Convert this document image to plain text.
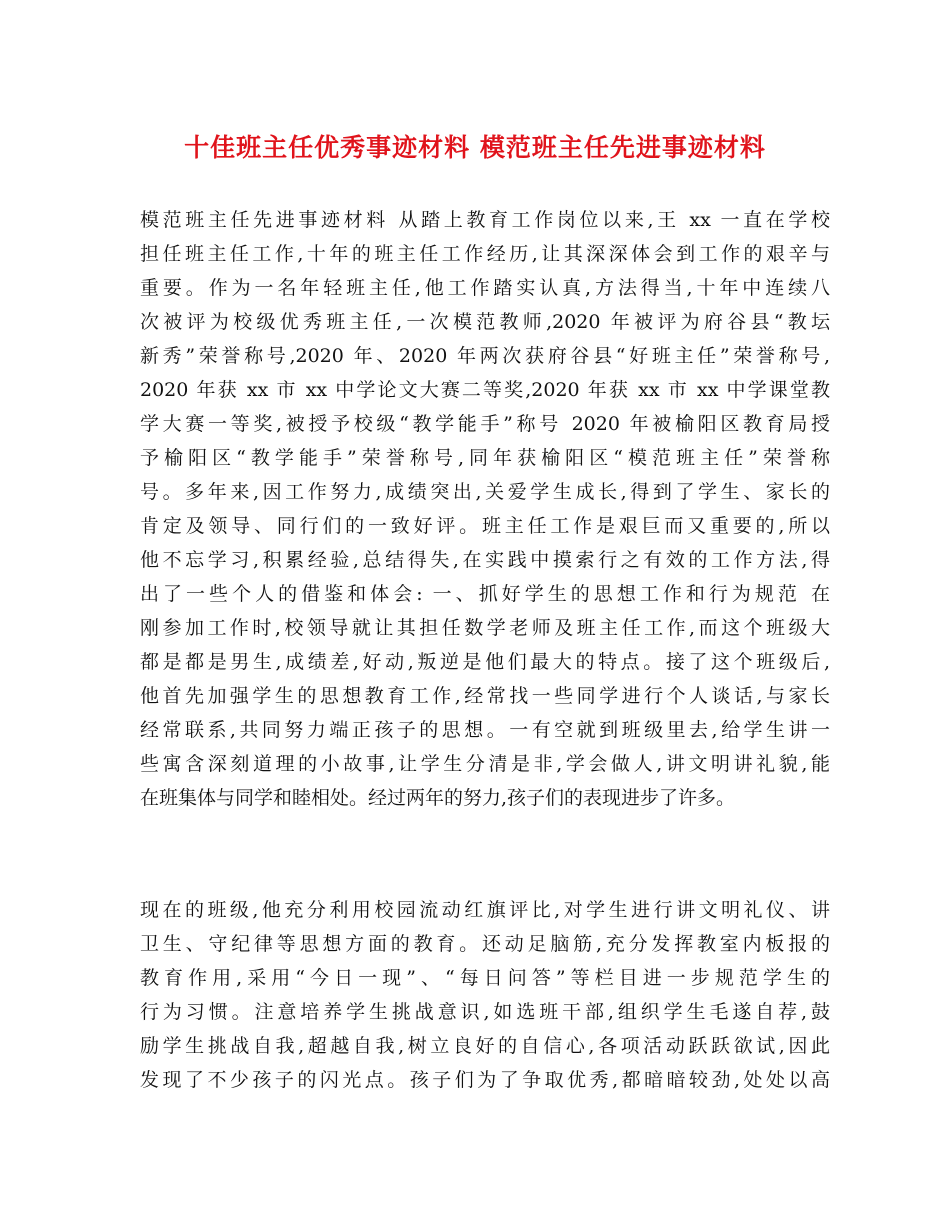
十佳班主任优秀事迹材料 模范班主任先进事迹材料
模范班主任先进事迹材料 从踏上教育工作岗位以来,王 xx 一直在学校
担任班主任工作,十年的班主任工作经历,让其深深体会到工作的艰辛与
重要。作为一名年轻班主任,他工作踏实认真,方法得当,十年中连续八
次被评为校级优秀班主任,一次模范教师,2020 年被评为府谷县“教坛
新秀”荣誉称号,2020 年、2020 年两次获府谷县“好班主任”荣誉称号,
2020 年获 xx 市 xx 中学论文大赛二等奖,2020 年获 xx 市 xx 中学课堂教
学大赛一等奖,被授予校级“教学能手”称号 2020 年被榆阳区教育局授
予榆阳区“教学能手”荣誉称号,同年获榆阳区“模范班主任”荣誉称
号。多年来,因工作努力,成绩突出,关爱学生成长,得到了学生、家长的
肯定及领导、同行们的一致好评。班主任工作是艰巨而又重要的,所以
他不忘学习,积累经验,总结得失,在实践中摸索行之有效的工作方法,得
出了一些个人的借鉴和体会: 一、抓好学生的思想工作和行为规范 在
刚参加工作时,校领导就让其担任数学老师及班主任工作,而这个班级大
都是都是男生,成绩差,好动,叛逆是他们最大的特点。接了这个班级后,
他首先加强学生的思想教育工作,经常找一些同学进行个人谈话,与家长
经常联系,共同努力端正孩子的思想。一有空就到班级里去,给学生讲一
些寓含深刻道理的小故事,让学生分清是非,学会做人,讲文明讲礼貌,能
在班集体与同学和睦相处。经过两年的努力,孩子们的表现进步了许多。
现在的班级,他充分利用校园流动红旗评比,对学生进行讲文明礼仪、讲
卫生、守纪律等思想方面的教育。还动足脑筋,充分发挥教室内板报的
教育作用,采用“今日一现”、“每日问答”等栏目进一步规范学生的
行为习惯。注意培养学生挑战意识,如选班干部,组织学生毛遂自荐,鼓
励学生挑战自我,超越自我,树立良好的自信心,各项活动跃跃欲试,因此
发现了不少孩子的闪光点。孩子们为了争取优秀,都暗暗较劲,处处以高
